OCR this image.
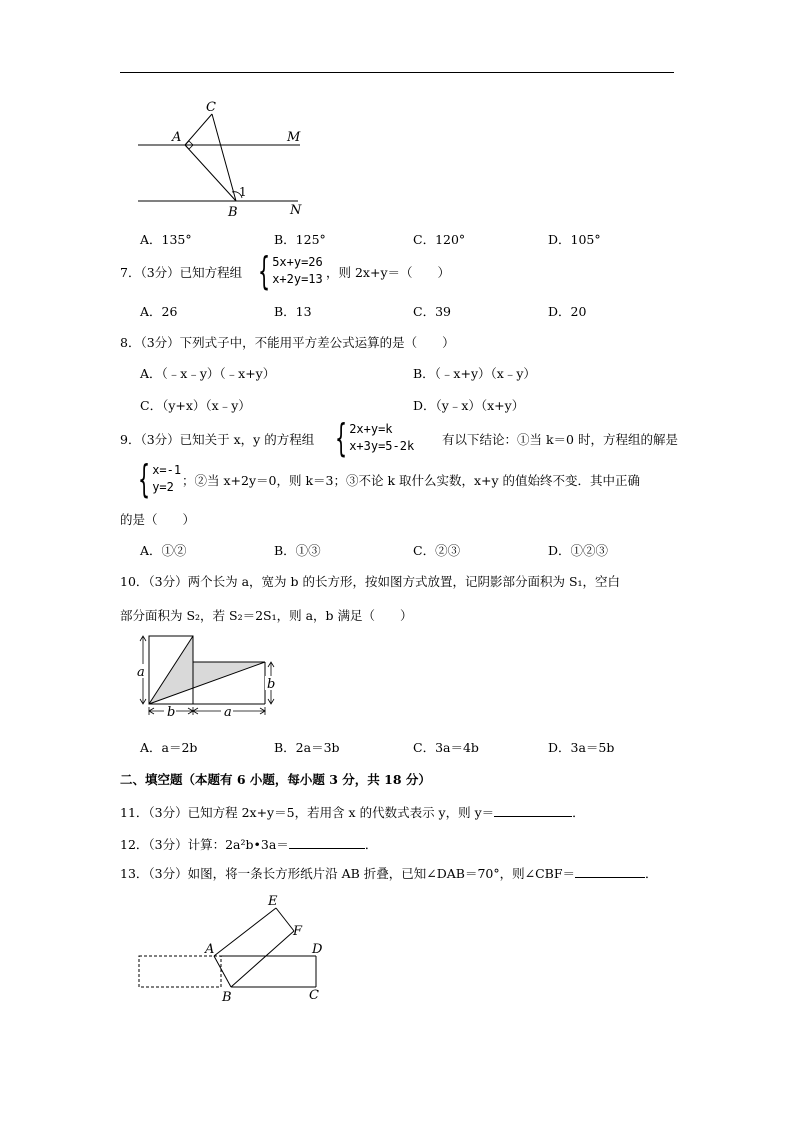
C
A	M
1
B	N
A．135°	B．125°	C．120°	D．105°
7．（3分）已知方程组 { 5x+y=26
x+2y=13 ，则 2x+y＝（　　）
A．26	B．13	C．39	D．20
8．（3分）下列式子中，不能用平方差公式运算的是（　　）
A．（﹣x﹣y）（﹣x+y）	B．（﹣x+y）（x﹣y）
C．（y+x）（x﹣y）	D．（y﹣x）（x+y）
9．（3分）已知关于 x，y 的方程组 { 2x+y=k
x+3y=5-2k 有以下结论：①当 k＝0 时，方程组的解是
{ x=-1
y=2 ；②当 x+2y＝0，则 k＝3；③不论 k 取什么实数，x+y 的值始终不变．其中正确
的是（　　）
A．①②	B．①③	C．②③	D．①②③
10．（3分）两个长为 a，宽为 b 的长方形，按如图方式放置，记阴影部分面积为 S₁，空白
部分面积为 S₂，若 S₂＝2S₁，则 a，b 满足（　　）
a
b
b	a
A．a＝2b	B．2a＝3b	C．3a＝4b	D．3a＝5b
二、填空题（本题有 6 小题，每小题 3 分，共 18 分）
11．（3分）已知方程 2x+y＝5，若用含 x 的代数式表示 y，则 y＝	．
12．（3分）计算：2a²b•3a＝	．
13．（3分）如图，将一条长方形纸片沿 AB 折叠，已知∠DAB＝70°，则∠CBF＝	．
E
F
A	D
B	C
